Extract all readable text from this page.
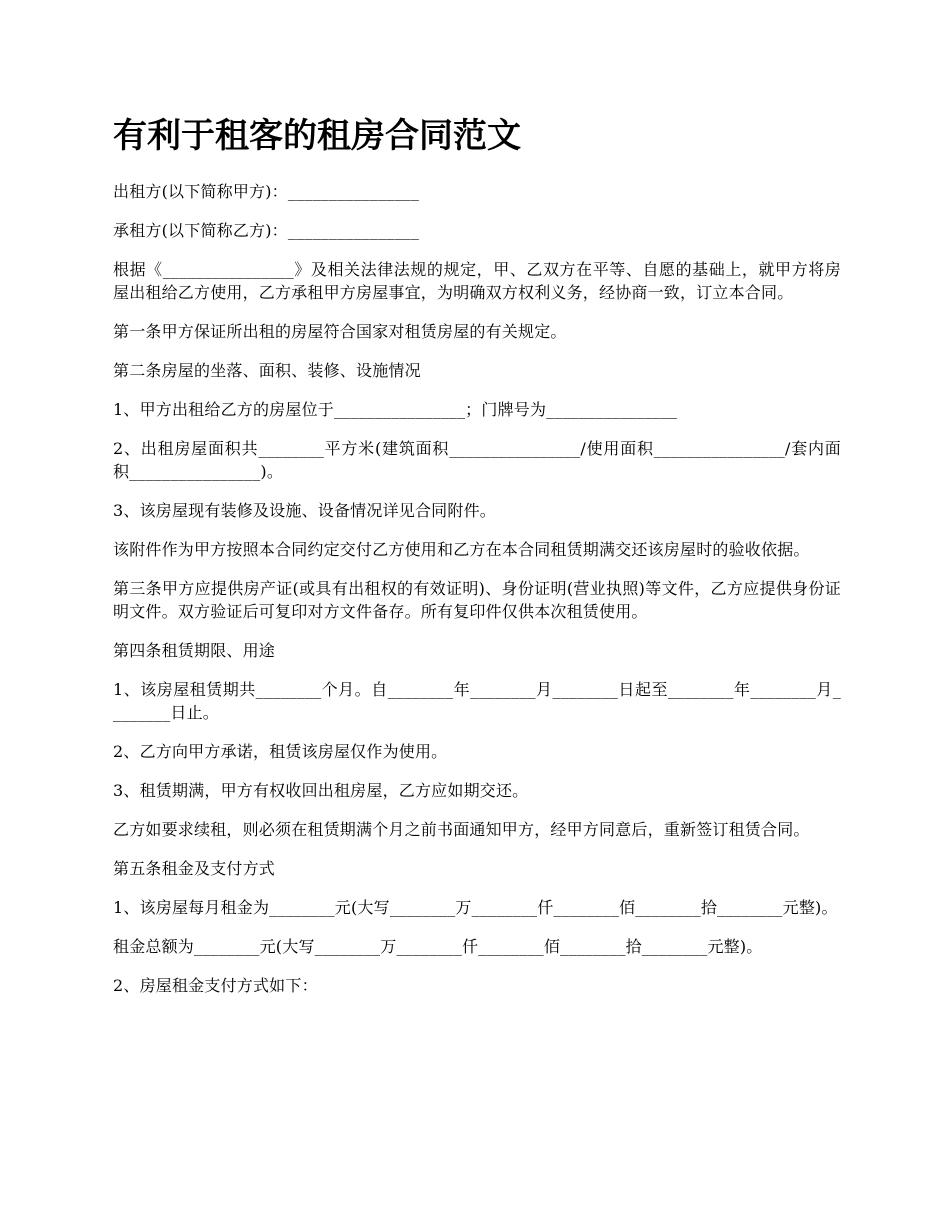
有利于租客的租房合同范文

出租方(以下简称甲方)：________________

承租方(以下简称乙方)：________________

根据《________________》及相关法律法规的规定，甲、乙双方在平等、自愿的基础上，就甲方将房屋出租给乙方使用，乙方承租甲方房屋事宜，为明确双方权利义务，经协商一致，订立本合同。

第一条甲方保证所出租的房屋符合国家对租赁房屋的有关规定。

第二条房屋的坐落、面积、装修、设施情况

1、甲方出租给乙方的房屋位于________________；门牌号为________________

2、出租房屋面积共________平方米(建筑面积________________/使用面积________________/套内面积________________)。

3、该房屋现有装修及设施、设备情况详见合同附件。

该附件作为甲方按照本合同约定交付乙方使用和乙方在本合同租赁期满交还该房屋时的验收依据。

第三条甲方应提供房产证(或具有出租权的有效证明)、身份证明(营业执照)等文件，乙方应提供身份证明文件。双方验证后可复印对方文件备存。所有复印件仅供本次租赁使用。

第四条租赁期限、用途

1、该房屋租赁期共________个月。自________年________月________日起至________年________月________日止。

2、乙方向甲方承诺，租赁该房屋仅作为使用。

3、租赁期满，甲方有权收回出租房屋，乙方应如期交还。

乙方如要求续租，则必须在租赁期满个月之前书面通知甲方，经甲方同意后，重新签订租赁合同。

第五条租金及支付方式

1、该房屋每月租金为________元(大写________万________仟________佰________拾________元整)。

租金总额为________元(大写________万________仟________佰________拾________元整)。

2、房屋租金支付方式如下：
